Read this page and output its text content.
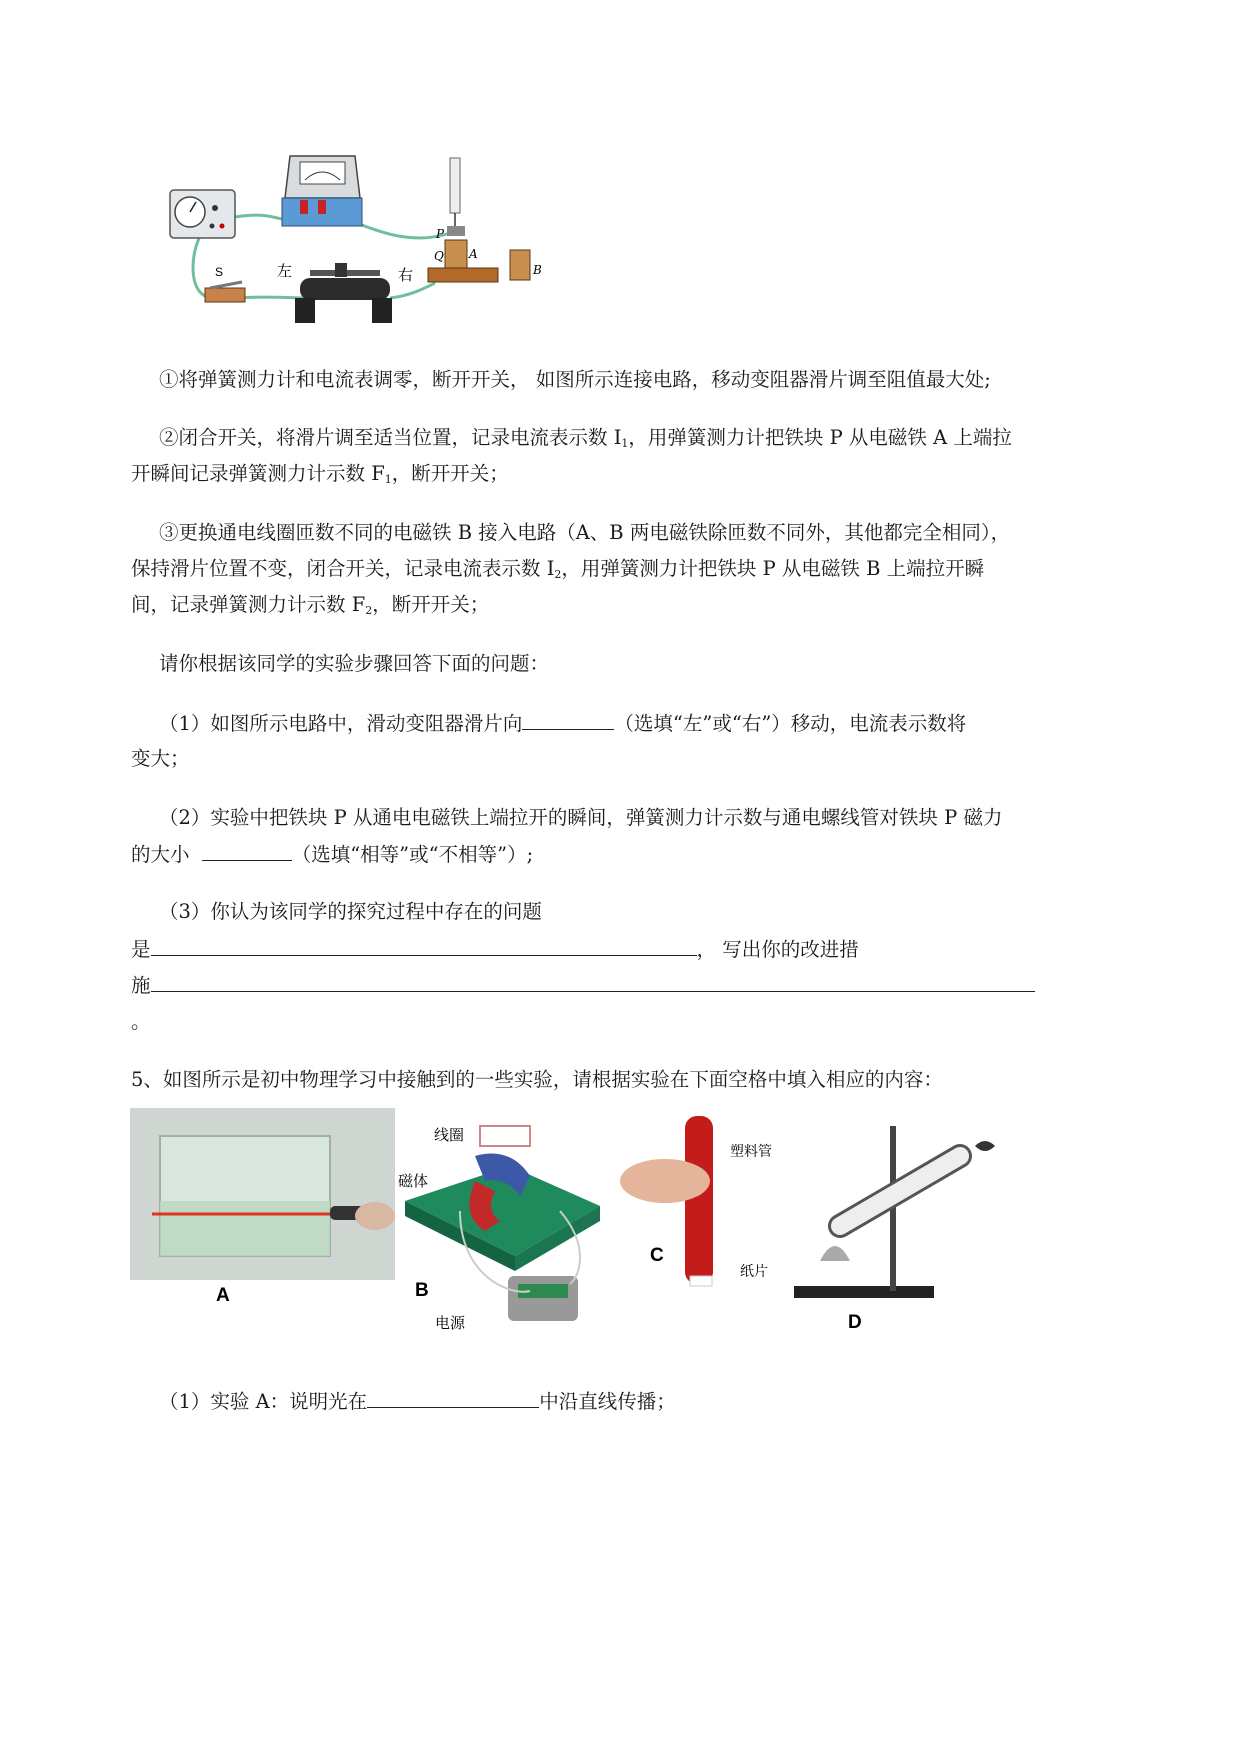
S	左	右
P
Q A
B
①将弹簧测力计和电流表调零，断开开关， 如图所示连接电路，移动变阻器滑片调至阻值最大处;
②闭合开关，将滑片调至适当位置，记录电流表示数 $I_1$，用弹簧测力计把铁块 P 从电磁铁 A 上端拉
开瞬间记录弹簧测力计示数 $F_1$，断开开关；
③更换通电线圈匝数不同的电磁铁 B 接入电路（A、B 两电磁铁除匝数不同外，其他都完全相同），
保持滑片位置不变，闭合开关，记录电流表示数 $I_2$，用弹簧测力计把铁块 P 从电磁铁 B 上端拉开瞬
间，记录弹簧测力计示数 $F_2$，断开开关；
请你根据该同学的实验步骤回答下面的问题：
（1）如图所示电路中，滑动变阻器滑片向	（选填“左”或“右”）移动，电流表示数将
变大；
（2）实验中把铁块 P 从通电电磁铁上端拉开的瞬间，弹簧测力计示数与通电螺线管对铁块 P 磁力
的大小	（选填“相等”或“不相等”）;
（3）你认为该同学的探究过程中存在的问题
是	， 写出你的改进措
施
。
5、如图所示是初中物理学习中接触到的一些实验，请根据实验在下面空格中填入相应的内容：
A
线圈
磁体
电源
B
塑料管
纸片
C
D
（1）实验 A：说明光在	中沿直线传播；
